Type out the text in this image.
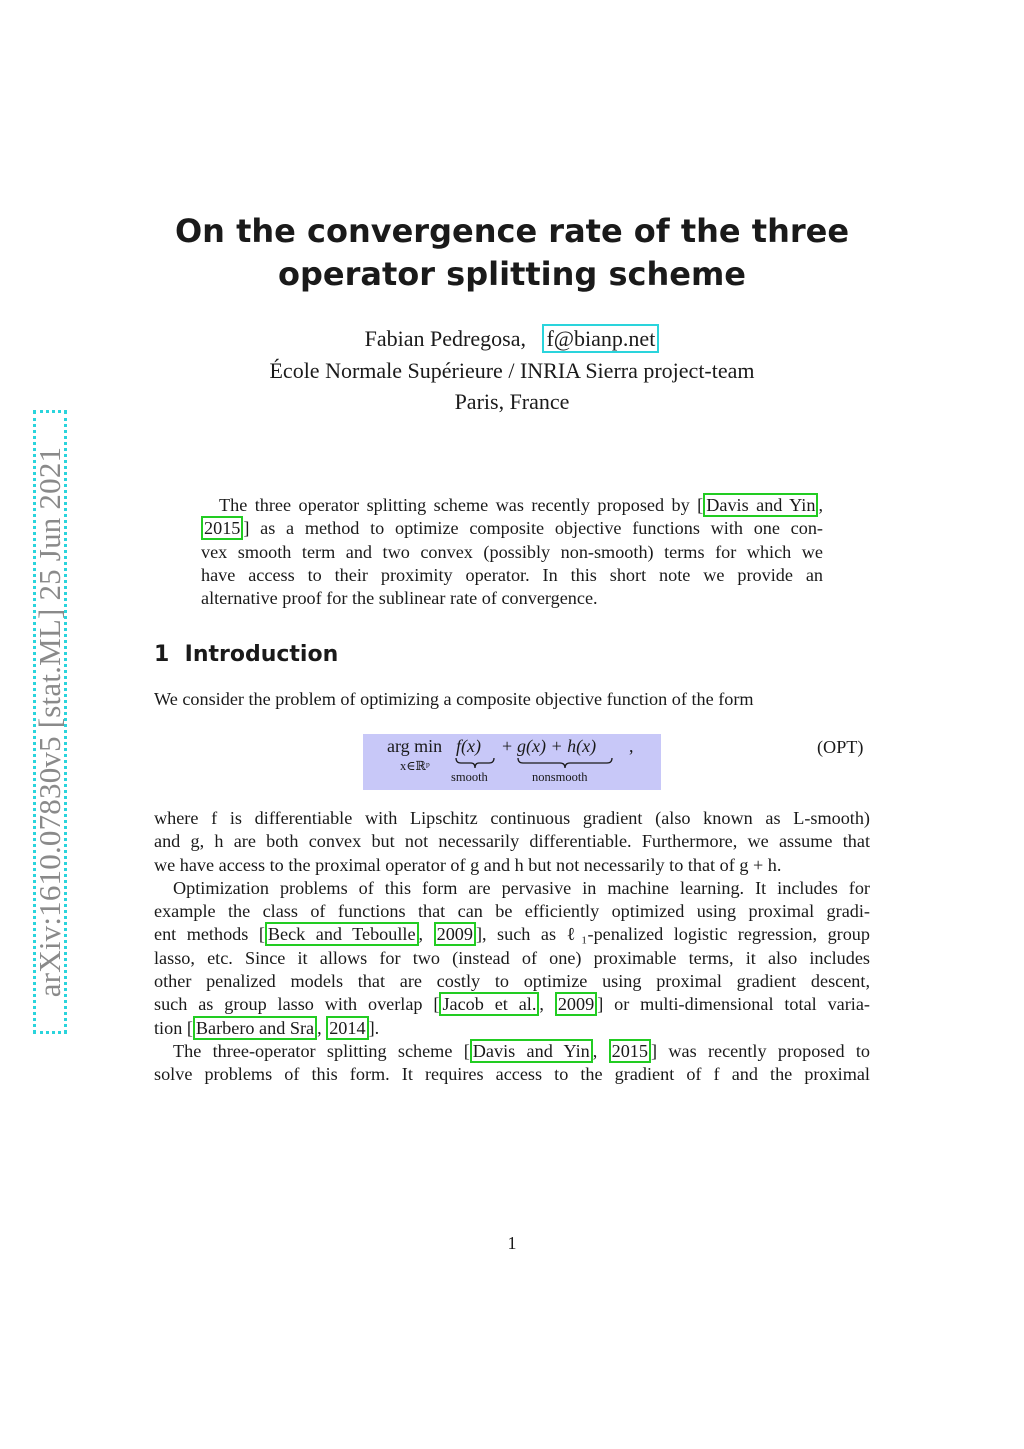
arXiv:1610.07830v5 [stat.ML] 25 Jun 2021
On the convergence rate of the three
operator splitting scheme
Fabian Pedregosa, f@bianp.net
École Normale Supérieure / INRIA Sierra project-team
Paris, France
The three operator splitting scheme was recently proposed by [ Davis and Yin ,
2015 ] as a method to optimize composite objective functions with one con-
vex smooth term and two convex (possibly non-smooth) terms for which we
have access to their proximity operator. In this short note we provide an
alternative proof for the sublinear rate of convergence.
1 Introduction
We consider the problem of optimizing a composite objective function of the form
arg min
x∈ℝᵖ
f(x)
smooth
+ g(x) + h(x)
nonsmooth
,	(OPT)
where f is differentiable with Lipschitz continuous gradient (also known as L-smooth)
and g, h are both convex but not necessarily differentiable. Furthermore, we assume that
we have access to the proximal operator of g and h but not necessarily to that of g + h.
Optimization problems of this form are pervasive in machine learning. It includes for
example the class of functions that can be efficiently optimized using proximal gradi-
ent methods [ Beck and Teboulle , 2009 ], such as ℓ₁-penalized logistic regression, group
lasso, etc. Since it allows for two (instead of one) proximable terms, it also includes
other penalized models that are costly to optimize using proximal gradient descent,
such as group lasso with overlap [ Jacob et al. , 2009 ] or multi-dimensional total varia-
tion [ Barbero and Sra , 2014 ].
The three-operator splitting scheme [ Davis and Yin , 2015 ] was recently proposed to
solve problems of this form. It requires access to the gradient of f and the proximal
1
